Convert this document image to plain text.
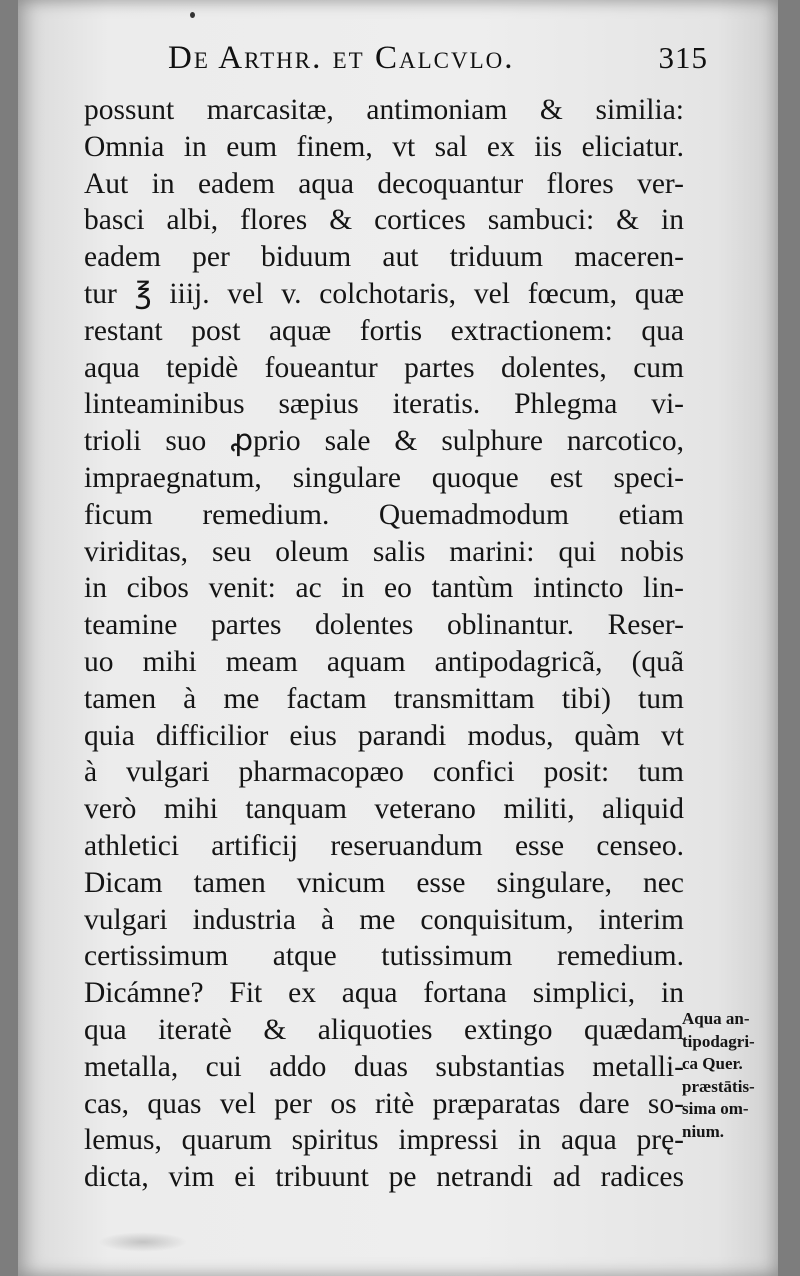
De Arthr. et Calcvlo.	315
possunt marcasitæ, antimoniam & similia:
Omnia in eum finem, vt sal ex iis eliciatur.
Aut in eadem aqua decoquantur flores ver-
basci albi, flores & cortices sambuci: & in
eadem per biduum aut triduum maceren-
tur ℥ iiij. vel v. colchotaris, vel fœcum, quæ
restant post aquæ fortis extractionem: qua
aqua tepidè foueantur partes dolentes, cum
linteaminibus sæpius iteratis. Phlegma vi-
trioli suo ꝓprio sale & sulphure narcotico,
impraegnatum, singulare quoque est speci-
ficum remedium. Quemadmodum etiam
viriditas, seu oleum salis marini: qui nobis
in cibos venit: ac in eo tantùm intincto lin-
teamine partes dolentes oblinantur. Reser-
uo mihi meam aquam antipodagricã, (quã
tamen à me factam transmittam tibi) tum
quia difficilior eius parandi modus, quàm vt
à vulgari pharmacopæo confici posit: tum
verò mihi tanquam veterano militi, aliquid
athletici artificij reseruandum esse censeo.
Dicam tamen vnicum esse singulare, nec
vulgari industria à me conquisitum, interim
certissimum atque tutissimum remedium.
Dicámne? Fit ex aqua fortana simplici, in
qua iteratè & aliquoties extingo quædam
metalla, cui addo duas substantias metalli-
cas, quas vel per os ritè præparatas dare so-
lemus, quarum spiritus impressi in aqua prę-
dicta, vim ei tribuunt pe netrandi ad radices
Aqua an-
tipodagri-
ca Quer.
præstātis-
sima om-
nium.
